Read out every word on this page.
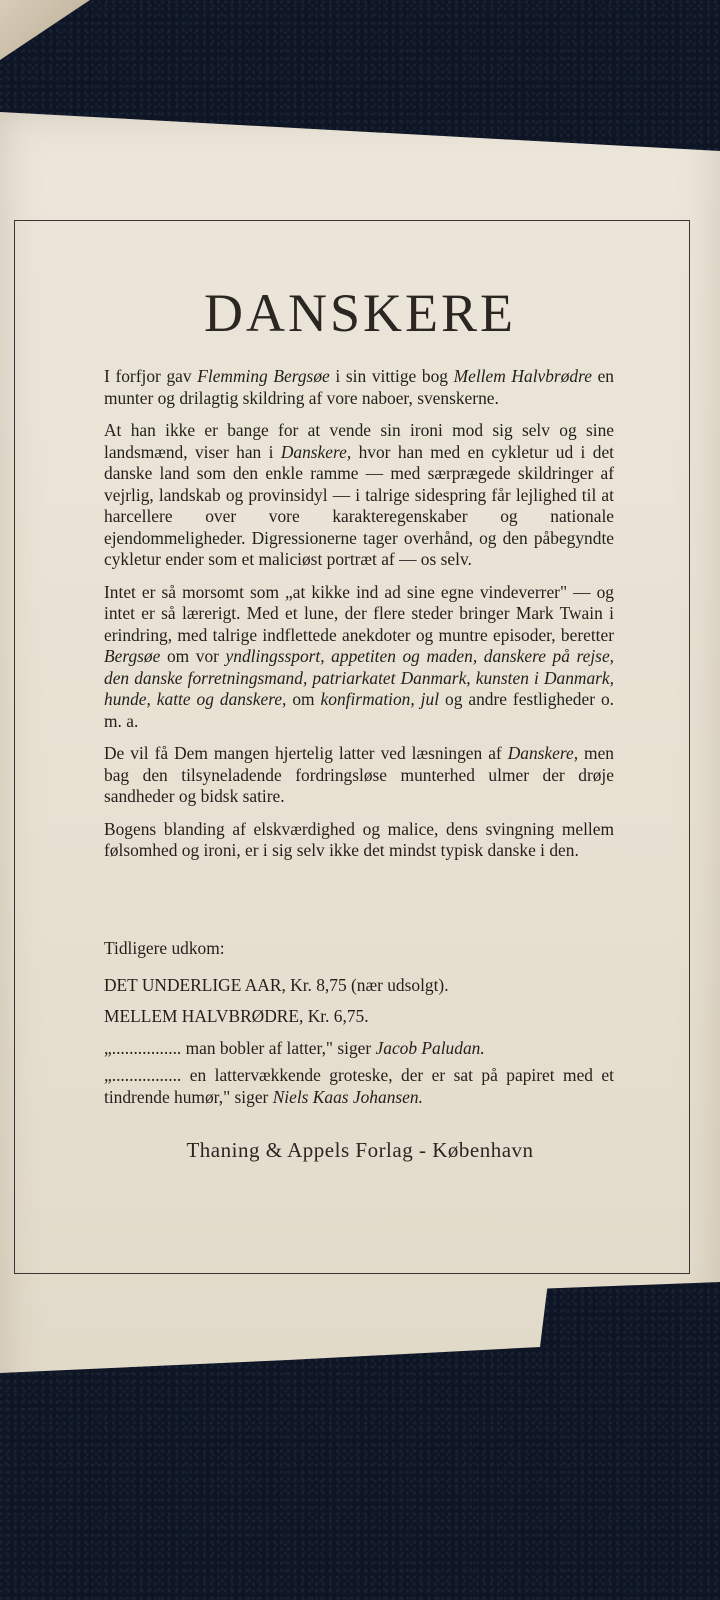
DANSKERE

I forfjor gav Flemming Bergsøe i sin vittige bog Mellem Halvbrødre en munter og drilagtig skildring af vore naboer, svenskerne.

At han ikke er bange for at vende sin ironi mod sig selv og sine landsmænd, viser han i Danskere, hvor han med en cykletur ud i det danske land som den enkle ramme — med særprægede skildringer af vejrlig, landskab og provinsidyl — i talrige sidespring får lejlighed til at harcellere over vore karakteregenskaber og nationale ejendommeligheder. Digressionerne tager overhånd, og den påbegyndte cykletur ender som et maliciøst portræt af — os selv.

Intet er så morsomt som „at kikke ind ad sine egne vindeverrer" — og intet er så lærerigt. Med et lune, der flere steder bringer Mark Twain i erindring, med talrige indflettede anekdoter og muntre episoder, beretter Bergsøe om vor yndlingssport, appetiten og maden, danskere på rejse, den danske forretningsmand, patriarkatet Danmark, kunsten i Danmark, hunde, katte og danskere, om konfirmation, jul og andre festligheder o. m. a.

De vil få Dem mangen hjertelig latter ved læsningen af Danskere, men bag den tilsyneladende fordringsløse munterhed ulmer der drøje sandheder og bidsk satire.

Bogens blanding af elskværdighed og malice, dens svingning mellem følsomhed og ironi, er i sig selv ikke det mindst typisk danske i den.

Tidligere udkom:
DET UNDERLIGE AAR, Kr. 8,75 (nær udsolgt).
MELLEM HALVBRØDRE, Kr. 6,75.
„................ man bobler af latter," siger Jacob Paludan.
„................ en lattervækkende groteske, der er sat på papiret med et tindrende humør," siger Niels Kaas Johansen.
Thaning & Appels Forlag - København
